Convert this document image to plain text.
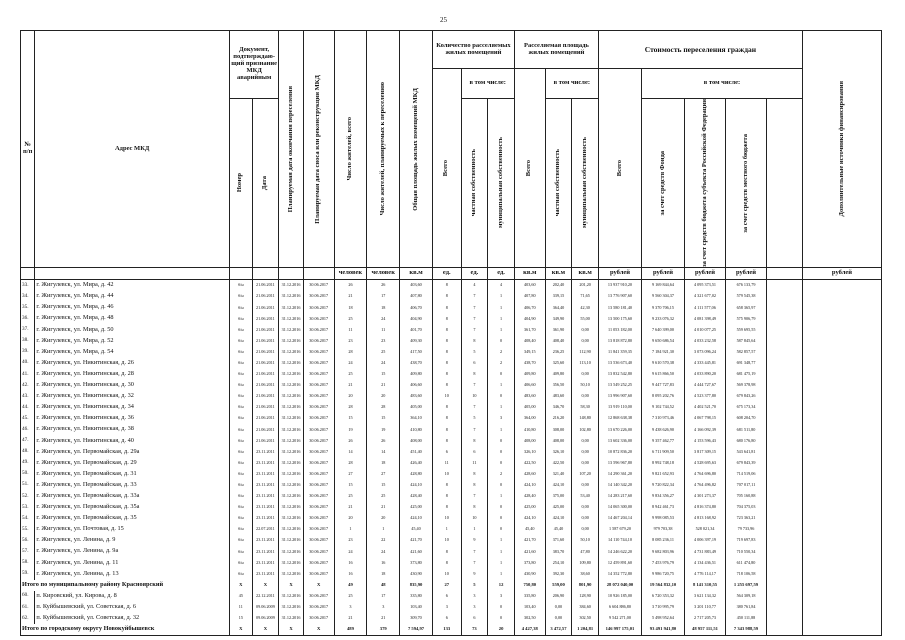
25
№ п/п	Адрес МКД	Документ, подтверждаю-щий признание МКД аварийным		Планируемая дата окончания переселения	Планируемая дата сноса или реконструкции МКД	Число жителей, всего	Число жителей, планируемых к переселению	Общая площадь жилых помещений МКД	Количество расселяемых жилых помещений			Расселяемая площадь жилых помещений			Стоимость переселения граждан					Дополнительные источники финансирования

									Всего	в том числе:		Всего	в том числе:		Всего	в том числе:				

		Номер	Дата							частная собственность	муниципальная собственность		частная собственность	муниципальная собственность		за счет средств Фонда	за счет средств бюджета субъекта Российской Федерации	за счет средств местного бюджета		

						человек	человек	кв.м	ед.	ед.	ед.	кв.м	кв.м	кв.м	рублей	рублей	рублей	рублей		рублей
33.	г. Жигулевск, ул. Мира, д. 42	б/н	21.06.2011	31.12.2016	30.06.2017	26	26	403,60	8	4	4	403,60	202,40	201,20	13 937 910,20	9 169 844,64	4 095 373,51	676 133,79		
34.	г. Жигулевск, ул. Мира, д. 44	б/н	21.06.2011	31.12.2016	30.06.2017	21	17	407,80	8	7	1	407,80	339,15	71,65	13 776 907,60	9 560 304,37	4 321 677,02	579 545,38		
35.	г. Жигулевск, ул. Мира, д. 46	б/н	21.06.2011	31.12.2016	30.06.2017	18	18	406,70	8	7	1	406,70	364,40	42,30	13 580 181,40	9 370 706,15	4 111 577,06	658 365,97		
36.	г. Жигулевск, ул. Мира, д. 48	б/н	21.06.2011	31.12.2016	30.06.2017	25	24	404,90	8	7	1	404,90	349,90	55,00	13 500 175,60	9 233 076,32	4 081 398,49	575 906,79		
37.	г. Жигулевск, ул. Мира, д. 50	б/н	21.06.2011	31.12.2016	30.06.2017	11	11	401,70	8	7	1	361,70	361,90	0,00	11 053 182,00	7 640 399,00	4 010 077,25	559 695,55		
38.	г. Жигулевск, ул. Мира, д. 52	б/н	21.06.2011	31.12.2016	30.06.2017	23	23	409,30	8	8	0	408,40	408,40	0,00	13 818 872,80	9 650 686,54	4 033 232,58	587 845,64		
39.	г. Жигулевск, ул. Мира, д. 54	б/н	21.06.2011	31.12.2016	30.06.2017	28	25	417,50	8	5	2	349,15	236,25	112,90	11 841 359,35	7 184 921,30	3 073 096,24	582 857,57		
40.	г. Жигулевск, ул. Никитинская, д. 26	б/н	21.06.2011	31.12.2016	30.06.2017	24	24	438,70	8	6	2	438,70	325,60	113,10	13 536 673,40	9 610 570,38	4 333 445,81	691 348,77		
41.	г. Жигулевск, ул. Никитинская, д. 28	б/н	21.06.2011	31.12.2016	30.06.2017	25	15	409,80	8	8	0	409,80	409,80	0,00	13 832 542,80	9 615 866,50	4 033 890,20	681 475,19		
42.	г. Жигулевск, ул. Никитинская, д. 30	б/н	21.06.2011	31.12.2016	30.06.2017	21	21	406,60	8	7	1	406,60	356,50	50,10	13 549 252,25	9 447 727,83	4 444 727,67	569 378,98		
43.	г. Жигулевск, ул. Никитинская, д. 32	б/н	21.06.2011	31.12.2016	30.06.2017	20	20	483,60	10	10	0	483,60	483,60	0,00	13 996 907,60	8 095 202,76	4 523 377,80	679 843,26		
44.	г. Жигулевск, ул. Никитинская, д. 34	б/н	21.06.2011	31.12.2016	30.06.2017	28	28	405,00	8	7	1	405,00	346,70	58,30	13 919 110,00	9 102 744,52	4 402 521,70	675 173,34		
45.	г. Жигулевск, ул. Никитинская, д. 36	б/н	21.06.2011	31.12.2016	30.06.2017	15	15	364,10	8	5	3	364,00	216,20	148,80	12 868 638,38	7 310 973,46	4 067 798,15	608 204,70		
46.	г. Жигулевск, ул. Никитинская, д. 38	б/н	21.06.2011	31.12.2016	30.06.2017	19	19	410,80	8	7	1	410,80	308,00	102,80	13 670 226,00	9 438 626,90	4 166 092,39	681 511,80		
47.	г. Жигулевск, ул. Никитинская, д. 40	б/н	21.06.2011	31.12.2016	30.06.2017	26	26	408,00	8	8	0	408,00	408,00	0,00	13 602 336,00	9 357 462,77	4 153 596,43	680 176,80		
48.	г. Жигулевск, ул. Первомайская, д. 29а	б/н	23.11.2011	31.12.2016	30.06.2017	14	14	451,40	6	6	0	326,10	326,10	0,00	10 872 836,20	6 711 909,50	3 817 309,15	543 641,81		
49.	г. Жигулевск, ул. Первомайская, д. 29	б/н	23.11.2011	31.12.2016	30.06.2017	28	18	426,40	11	11	0	422,50	422,50	0,00	13 596 967,80	8 992 748,18	4 528 695,63	679 843,39		
50.	г. Жигулевск, ул. Первомайская, д. 31	б/н	23.11.2011	31.12.2016	30.06.2017	27	27	428,80	10	8	2	428,60	321,40	107,20	14 290 361,20	9 821 652,93	4 764 696,80	714 519,06		
51.	г. Жигулевск, ул. Первомайская, д. 33	б/н	23.11.2011	31.12.2016	30.06.2017	15	15	424,10	8	8	0	424,10	424,10	0,00	14 140 342,20	9 720 822,34	4 764 496,82	707 017,11		
52.	г. Жигулевск, ул. Первомайская, д. 33а	б/н	23.11.2011	31.12.2016	30.06.2017	25	25	428,40	8	7	1	428,40	375,00	53,40	14 283 217,60	9 834 356,27	4 301 273,37	705 160,88		
53.	г. Жигулевск, ул. Первомайская, д. 35а	б/н	23.11.2011	31.12.2016	30.06.2017	21	21	425,00	8	8	0	425,00	425,00	0,00	14 065 300,00	8 942 461,73	4 816 374,80	704 375,03		
54.	г. Жигулевск, ул. Первомайская, д. 35	б/н	23.11.2011	31.12.2016	30.06.2017	20	20	424,10	10	10	0	424,10	424,10	0,00	14 467 204,14	9 998 085,53	4 813 168,92	723 363,21		
55.	г. Жигулевск, ул. Почтовая, д. 15	б/н	22.07.2011	31.12.2016	30.06.2017	1	1	45,40	1	1	0	45,40	45,40	0,00	1 587 679,20	979 703,38	528 021,34	79 733,96		
56.	г. Жигулевск, ул. Ленина, д. 9	б/н	23.11.2011	31.12.2016	30.06.2017	23	22	421,70	10	9	1	421,70	371,60	50,10	14 110 744,10	8 085 236,11	4 006 397,19	719 697,83		
57.	г. Жигулевск, ул. Ленина, д. 9а	б/н	23.11.2011	31.12.2016	30.06.2017	24	24	421,60	8	7	1	421,60	383,70	47,80	14 246 622,20	9 682 803,96	4 731 883,49	710 550,34		
58.	г. Жигулевск, ул. Ленина, д. 11	б/н	23.11.2011	31.12.2016	30.06.2017	16	16	373,80	8	7	1	373,80	254,10	109,80	12 459 891,60	7 453 976,79	4 134 436,51	611 474,80		
59.	г. Жигулевск, ул. Ленина, д. 13	б/н	23.11.2011	31.12.2016	30.06.2017	16	18	430,90	10	9	1	430,90	392,30	38,60	14 352 772,80	9 986 720,75	4 776 114,17	718 106,58		
Итого по муниципальному району Красноярский		X	X	X	X	49	48	835,90	27	5	12	750,80	559,00	801,90	28 072 040,00	19 564 832,10	8 141 310,55	1 255 697,59		
60.	п. Кировский, ул. Кирова, д. 8	45	22.12.2011	31.12.2016	30.06.2017	25	17	335,80	6	3	3	335,80	206,90	128,90	10 926 185,00	6 720 353,32	3 621 134,32	564 309,18		
61.	п. Куйбышевский, ул. Советская, д. 6	11	09.06.2009	31.12.2016	30.06.2017	3	3	103,40	3	3	0	103,40	0,00	384,60	6 604 886,80	3 710 995,79	3 201 110,77	380 761,84		
62.	п. Куйбышевский, ул. Советская, д. 32	15	09.06.2009	31.12.2016	30.06.2017	21	21	309,70	6	6	0	302,50	0,00	302,50	9 542 271,00	5 498 952,64	2 717 205,73	450 111,88		
Итого по городскому округу Новокуйбышевск		X	X	X	X	489	379	7 594,97	133	73	20	4 427,38	3 472,57	1 204,81	146 997 175,01	93 491 941,80	48 957 111,51	7 343 988,59		
